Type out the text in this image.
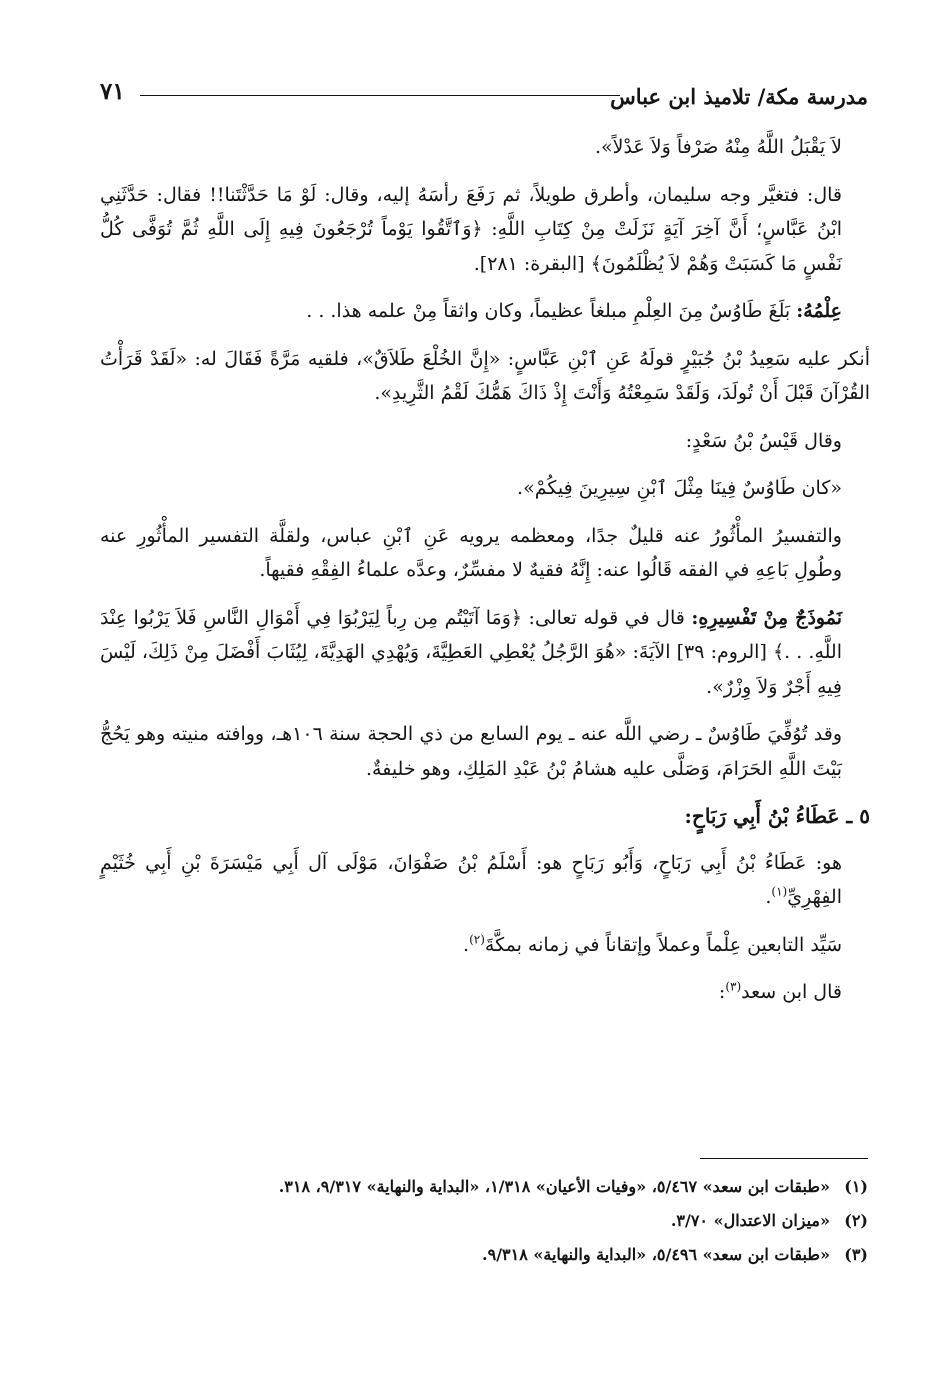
مدرسة مكة/ تلاميذ ابن عباس
٧١

لاَ يَقْبَلُ اللَّهُ مِنْهُ صَرْفاً وَلاَ عَدْلاً».

قال: فتغيَّر وجه سليمان، وأطرق طويلاً، ثم رَفَعَ رأسَهُ إليه، وقال: لَوْ مَا حَدَّثْتَنا!! فقال: حَدَّثَنِي ابْنُ عَبَّاسٍ؛ أَنَّ آخِرَ آيَةٍ نَزَلَتْ مِنْ كِتَابِ اللَّهِ: ﴿وَٱتَّقُوا يَوْماً تُرْجَعُونَ فِيهِ إِلَى اللَّهِ ثُمَّ تُوَفَّى كُلُّ نَفْسٍ مَا كَسَبَتْ وَهُمْ لاَ يُظْلَمُونَ﴾ [البقرة: ٢٨١].

عِلْمُهُ: بَلَغَ طَاوُسٌ مِنَ العِلْمِ مبلغاً عظيماً، وكان واثقاً مِنْ علمه هذا. . .

أنكر عليه سَعِيدُ بْنُ جُبَيْرٍ قولَهُ عَنِ ٱبْنِ عَبَّاسٍ: «إِنَّ الخُلْعَ طَلاَقٌ»، فلقيه مَرَّةً فَقَالَ له: «لَقَدْ قَرَأْتُ القُرْآنَ قَبْلَ أَنْ تُولَدَ، وَلَقَدْ سَمِعْتُهُ وَأَنْتَ إِذْ ذَاكَ هَمُّكَ لَقْمُ الثَّرِيدِ».

وقال قَيْسُ بْنُ سَعْدٍ:

«كان طَاوُسٌ فِينَا مِثْلَ ٱبْنِ سِيرِينَ فِيكُمْ».

والتفسيرُ المأْثُورُ عنه قليلٌ جدًا، ومعظمه يرويه عَنِ ٱبْنِ عباس، ولقلَّة التفسير المأْثُورِ عنه وطُولِ بَاعِهِ في الفقه قَالُوا عنه: إِنَّهُ فقيهٌ لا مفسِّرٌ، وعدَّه علماءُ الفِقْهِ فقيهاً.

نَمُوذَجٌ مِنْ تَفْسِيرِهِ: قال في قوله تعالى: ﴿وَمَا آتَيْتُم مِن رِباً لِيَرْبُوَا فِي أَمْوَالِ النَّاسِ فَلاَ يَرْبُوا عِنْدَ اللَّهِ. . .﴾ [الروم: ٣٩] الآيَةَ: «هُوَ الرَّجُلُ يُعْطِي العَطِيَّةَ، وَيُهْدِي الهَدِيَّةَ، لِيُثَابَ أَفْضَلَ مِنْ ذَلِكَ، لَيْسَ فِيهِ أَجْرٌ وَلاَ وِزْرٌ».

وقد تُوُفِّيَ طَاوُسٌ ـ رضي اللَّه عنه ـ يوم السابع من ذي الحجة سنة ١٠٦هـ، ووافته منيته وهو يَحُجُّ بَيْتَ اللَّهِ الحَرَامَ، وَصَلَّى عليه هشامُ بْنُ عَبْدِ المَلِكِ، وهو خليفةٌ.

٥ ـ عَطَاءُ بْنُ أَبِي رَبَاحٍ:

هو: عَطَاءُ بْنُ أَبِي رَبَاحٍ، وَأَبُو رَبَاحٍ هو: أَسْلَمُ بْنُ صَفْوَانَ، مَوْلَى آل أَبِي مَيْسَرَةَ بْنِ أَبِي خُثَيْمٍ الفِهْرِيِّ$^{(١)}$.

سَيِّد التابعين عِلْماً وعملاً وإتقاناً في زمانه بمكَّةَ$^{(٢)}$.

قال ابن سعد$^{(٣)}$:

(١)
«طبقات ابن سعد» ٥/٤٦٧، «وفيات الأعيان» ١/٣١٨، «البداية والنهاية» ٩/٣١٧، ٣١٨.
(٢)
«ميزان الاعتدال» ٣/٧٠.
(٣)
«طبقات ابن سعد» ٥/٤٩٦، «البداية والنهاية» ٩/٣١٨.
